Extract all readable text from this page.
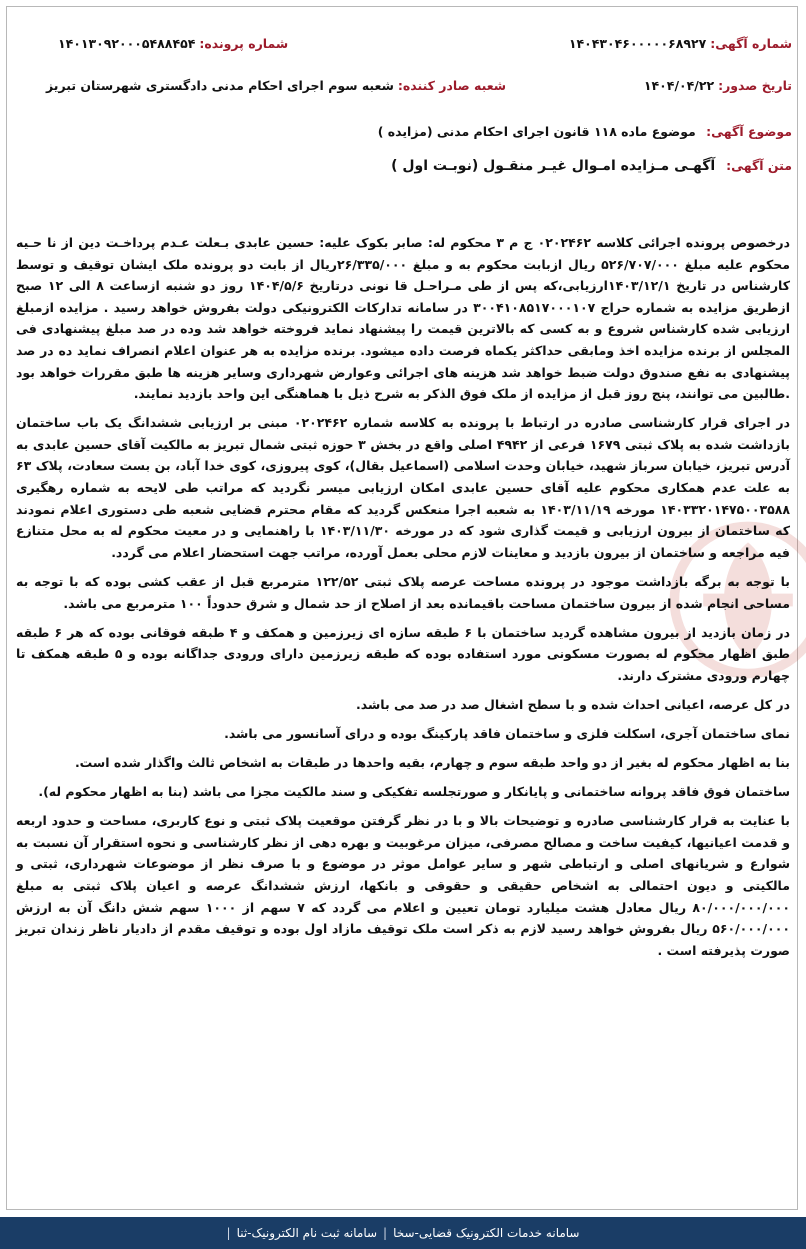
شماره آگهی:
۱۴۰۴۳۰۴۶۰۰۰۰۰۶۸۹۲۷
شماره پرونده:
۱۴۰۱۳۰۹۲۰۰۰۵۴۸۸۴۵۴
تاریخ صدور:
۱۴۰۴/۰۴/۲۲
شعبه صادر کننده:
شعبه سوم اجرای احکام مدنی دادگستری شهرستان تبریز
موضوع آگهی: موضوع ماده ۱۱۸ قانون اجرای احکام مدنی (مزایده )
متن آگهی: آگهـی مـزایده امـوال غیـر منقـول (نوبـت اول )

درخصوص پرونده اجرائی کلاسه ۰۲۰۲۴۶۲ ج م ۳ محکوم له: صابر بکوک علیه: حسین عابدی بـعلت عـدم پرداخـت دین از نا حـیه محکوم علیه مبلغ ۵۲۶/۷۰۷/۰۰۰ ریال ازبابت محکوم به و مبلغ ۲۶/۳۳۵/۰۰۰ریال از بابت دو پرونده ملک ایشان توقیف و توسط کارشناس در تاریخ ۱۴۰۳/۱۲/۱ارزیابی،که پس از طی مـراحـل قا نونی درتاریخ ۱۴۰۴/۵/۶ روز دو شنبه ازساعت ۸ الی ۱۲ صبح ازطریق مزایده به شماره حراج ۳۰۰۴۱۰۸۵۱۷۰۰۰۱۰۷ در سامانه تدارکات الکترونیکی دولت بفروش خواهد رسید . مزایده ازمبلغ ارزیابی شده کارشناس شروع و به کسی که بالاترین قیمت را پیشنهاد نماید فروخته خواهد شد وده در صد مبلغ پیشنهادی فی المجلس از برنده مزایده اخذ ومابقی حداکثر یکماه فرصت داده میشود. برنده مزایده به هر عنوان اعلام انصراف نماید ده در صد پیشنهادی به نفع صندوق دولت ضبط خواهد شد هزینه های اجرائی وعوارض شهرداری وسایر هزینه ها طبق مقررات خواهد بود .طالبین می توانند، پنج روز قبل از مزایده از ملک فوق الذکر به شرح ذیل با هماهنگی این واحد بازدید نمایند.

در اجرای قرار کارشناسی صادره در ارتباط با پرونده به کلاسه شماره ۰۲۰۲۴۶۲ مبنی بر ارزیابی ششدانگ یک باب ساختمان بازداشت شده به پلاک ثبتی ۱۶۷۹ فرعی از ۴۹۴۲ اصلی واقع در بخش ۳ حوزه ثبتی شمال تبریز به مالکیت آقای حسین عابدی به آدرس تبریز، خیابان سرباز شهید، خیابان وحدت اسلامی (اسماعیل بقال)، کوی پیروزی، کوی خدا آباد، بن بست سعادت، پلاک ۶۳ به علت عدم همکاری محکوم علیه آقای حسین عابدی امکان ارزیابی میسر نگردید که مراتب طی لایحه به شماره رهگیری ۱۴۰۳۳۲۰۱۴۷۵۰۰۳۵۸۸ مورخه ۱۴۰۳/۱۱/۱۹ به شعبه اجرا منعکس گردید که مقام محترم قضایی شعبه طی دستوری اعلام نمودند که ساختمان از بیرون ارزیابی و قیمت گذاری شود که در مورخه ۱۴۰۳/۱۱/۳۰ با راهنمایی و در معیت محکوم له به محل متنازع فیه مراجعه و ساختمان از بیرون بازدید و معاینات لازم محلی بعمل آورده، مراتب جهت استحضار اعلام می گردد.

با توجه به برگه بازداشت موجود در پرونده مساحت عرصه پلاک ثبتی ۱۲۲/۵۲ مترمربع قبل از عقب کشی بوده که با توجه به مساحی انجام شده از بیرون ساختمان مساحت باقیمانده بعد از اصلاح از حد شمال و شرق حدوداً ۱۰۰ مترمربع می باشد.

در زمان بازدید از بیرون مشاهده گردید ساختمان با ۶ طبقه سازه ای زیرزمین و همکف و ۴ طبقه فوقانی بوده که هر ۶ طبقه طبق اظهار محکوم له بصورت مسکونی مورد استفاده بوده که طبقه زیرزمین دارای ورودی جداگانه بوده و ۵ طبقه همکف تا چهارم ورودی مشترک دارند.

در کل عرصه، اعیانی احداث شده و با سطح اشغال صد در صد می باشد.

نمای ساختمان آجری، اسکلت فلزی و ساختمان فاقد پارکینگ بوده و درای آسانسور می باشد.

بنا به اظهار محکوم له بغیر از دو واحد طبقه سوم و چهارم، بقیه واحدها در طبقات به اشخاص ثالث واگذار شده است.

ساختمان فوق فاقد پروانه ساختمانی و پایانکار و صورتجلسه تفکیکی و سند مالکیت مجزا می باشد (بنا به اظهار محکوم له).

با عنایت به قرار کارشناسی صادره و توضیحات بالا و با در نظر گرفتن موقعیت پلاک ثبتی و نوع کاربری، مساحت و حدود اربعه و قدمت اعیانیها، کیفیت ساخت و مصالح مصرفی، میزان مرغوبیت و بهره دهی از نظر کارشناسی و نحوه استقرار آن نسبت به شوارع و شریانهای اصلی و ارتباطی شهر و سایر عوامل موثر در موضوع و با صرف نظر از موضوعات شهرداری، ثبتی و مالکیتی و دیون احتمالی به اشخاص حقیقی و حقوقی و بانکها، ارزش ششدانگ عرصه و اعیان پلاک ثبتی به مبلغ ۸۰/۰۰۰/۰۰۰/۰۰۰ ریال معادل هشت میلیارد تومان تعیین و اعلام می گردد که ۷ سهم از ۱۰۰۰ سهم شش دانگ آن به ارزش ۵۶۰/۰۰۰/۰۰۰ ریال بفروش خواهد رسید لازم به ذکر است ملک توقیف مازاد اول بوده و توقیف مقدم از دادیار ناظر زندان تبریز صورت پذیرفته است .

سامانه خدمات الکترونیک قضایی-سخا
|
سامانه ثبت نام الکترونیک-ثنا
|
